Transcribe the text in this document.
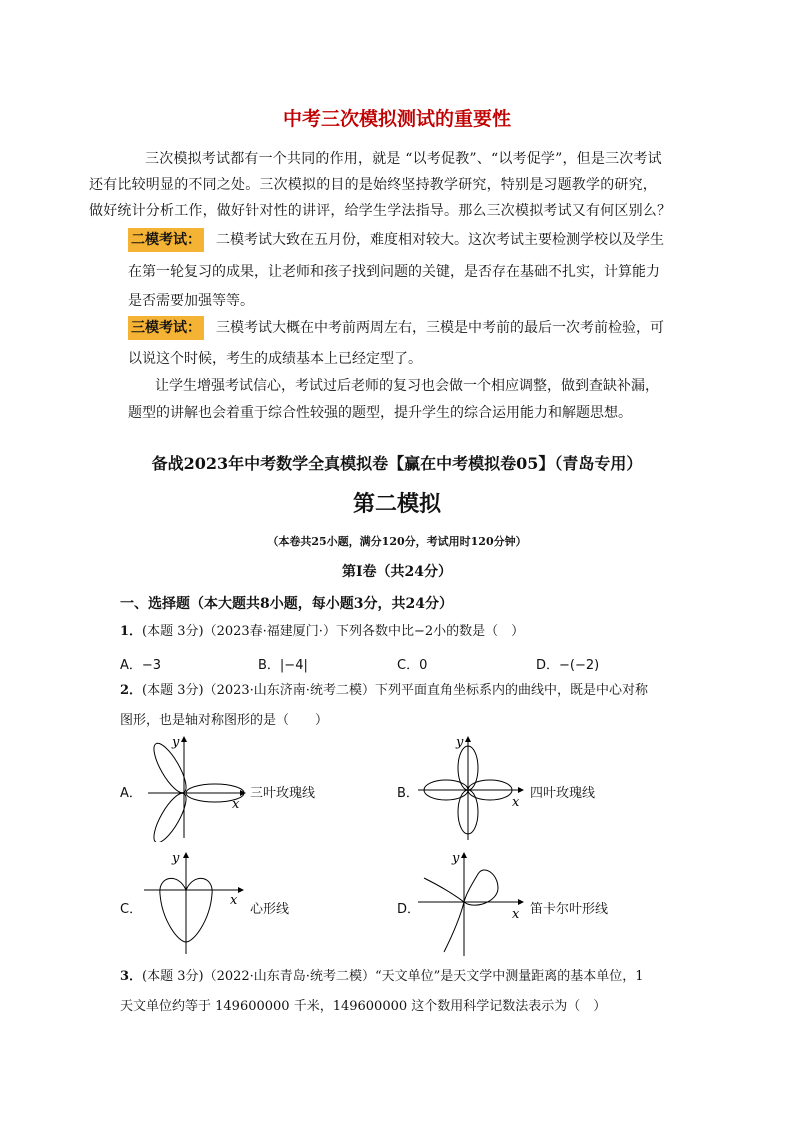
中考三次模拟测试的重要性
三次模拟考试都有一个共同的作用，就是 “以考促教”、“以考促学”，但是三次考试
还有比较明显的不同之处。三次模拟的目的是始终坚持教学研究，特别是习题教学的研究，
做好统计分析工作，做好针对性的讲评，给学生学法指导。那么三次模拟考试又有何区别么？
二模考试： 二模考试大致在五月份，难度相对较大。这次考试主要检测学校以及学生
在第一轮复习的成果，让老师和孩子找到问题的关键，是否存在基础不扎实，计算能力
是否需要加强等等。
三模考试： 三模考试大概在中考前两周左右，三模是中考前的最后一次考前检验，可
以说这个时候，考生的成绩基本上已经定型了。
让学生增强考试信心，考试过后老师的复习也会做一个相应调整，做到查缺补漏，
题型的讲解也会着重于综合性较强的题型，提升学生的综合运用能力和解题思想。
备战2023年中考数学全真模拟卷【赢在中考模拟卷05】（青岛专用）
第二模拟
（本卷共25小题，满分120分，考试用时120分钟）
第I卷（共24分）
一、选择题（本大题共8小题，每小题3分，共24分）
1．(本题 3分)（2023春·福建厦门·）下列各数中比−2小的数是（　）
A．−3	B．|−4|	C．0	D．−(−2)
2．(本题 3分)（2023·山东济南·统考二模）下列平面直角坐标系内的曲线中，既是中心对称
图形，也是轴对称图形的是（　　）
A．
x
y
三叶玫瑰线	B．
x
y
四叶玫瑰线
C．
x
y
心形线	D．	x
y
笛卡尔叶形线
3．(本题 3分)（2022·山东青岛·统考二模）“天文单位”是天文学中测量距离的基本单位，1
天文单位约等于 149600000 千米，149600000 这个数用科学记数法表示为（　）
